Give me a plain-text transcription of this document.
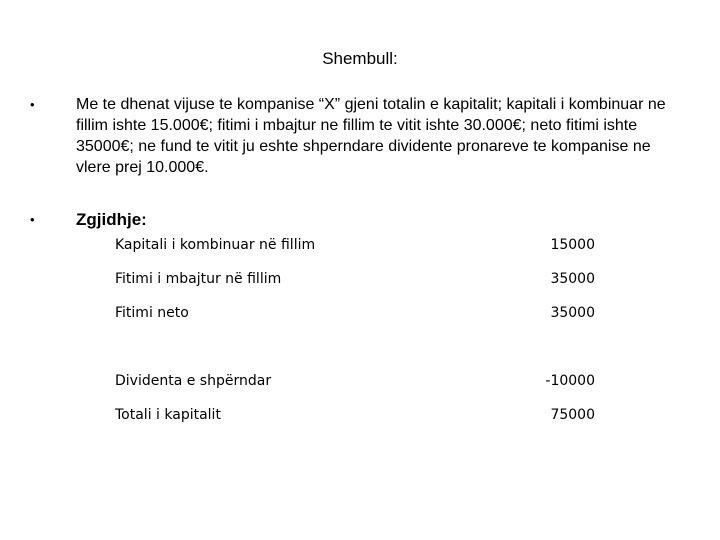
Shembull:
•	Me te dhenat vijuse te kompanise “X” gjeni totalin e kapitalit; kapitali i kombinuar ne fillim ishte 15.000€; fitimi i mbajtur ne fillim te vitit ishte 30.000€; neto fitimi ishte 35000€; ne fund te vitit ju eshte shperndare dividente pronareve te kompanise ne vlere prej 10.000€.
• Zgjidhje:
Kapitali i kombinuar në fillim	15000
Fitimi i mbajtur në fillim	35000
Fitimi neto	35000
Dividenta e shpërndar	-10000
Totali i kapitalit	75000
